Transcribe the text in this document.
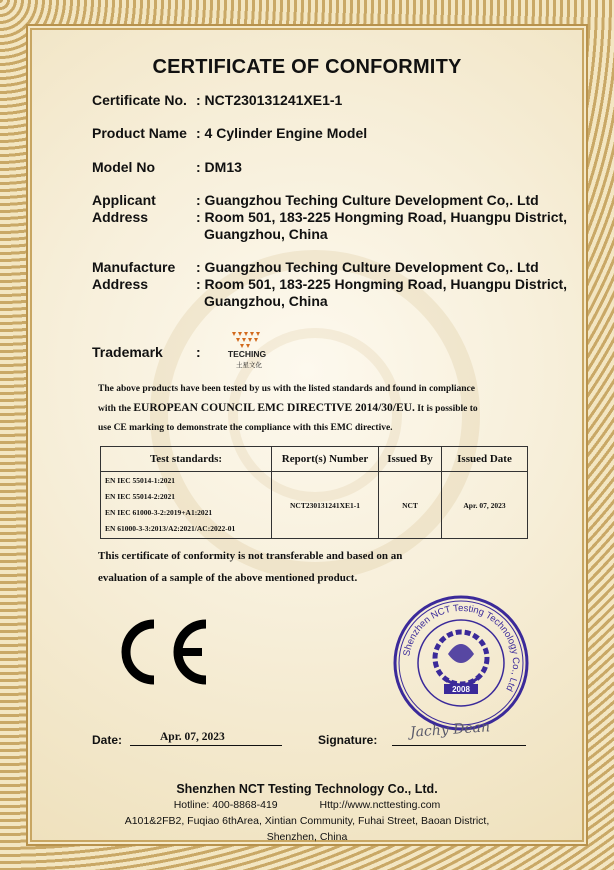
CERTIFICATE OF CONFORMITY
Certificate No. : NCT230131241XE1-1
Product Name : 4 Cylinder Engine Model
Model No	: DM13
Applicant	: Guangzhou Teching Culture Development Co,. Ltd
Address	: Room 501, 183-225 Hongming Road, Huangpu District,
Guangzhou, China
Manufacture	: Guangzhou Teching Culture Development Co,. Ltd
Address	: Room 501, 183-225 Hongming Road, Huangpu District,
Guangzhou, China
Trademark	:	TECHING
土星文化
The above products have been tested by us with the listed standards and found in compliance
with the EUROPEAN COUNCIL EMC DIRECTIVE 2014/30/EU. It is possible to
use CE marking to demonstrate the compliance with this EMC directive.
Test standards:	Report(s) Number	Issued By	Issued Date

EN IEC 55014-1:2021
EN IEC 55014-2:2021
EN IEC 61000-3-2:2019+A1:2021
EN 61000-3-3:2013/A2:2021/AC:2022-01	NCT230131241XE1-1	NCT	Apr. 07, 2023
This certificate of conformity is not transferable and based on an
evaluation of a sample of the above mentioned product.
Shenzhen NCT Testing Technology Co., Ltd
2008
Date:	Apr. 07, 2023	Signature: Jachy Dean
Shenzhen NCT Testing Technology Co., Ltd.
Hotline: 400-8868-419	Http://www.ncttesting.com
A101&2FB2, Fuqiao 6thArea, Xintian Community, Fuhai Street, Baoan District,
Shenzhen, China
